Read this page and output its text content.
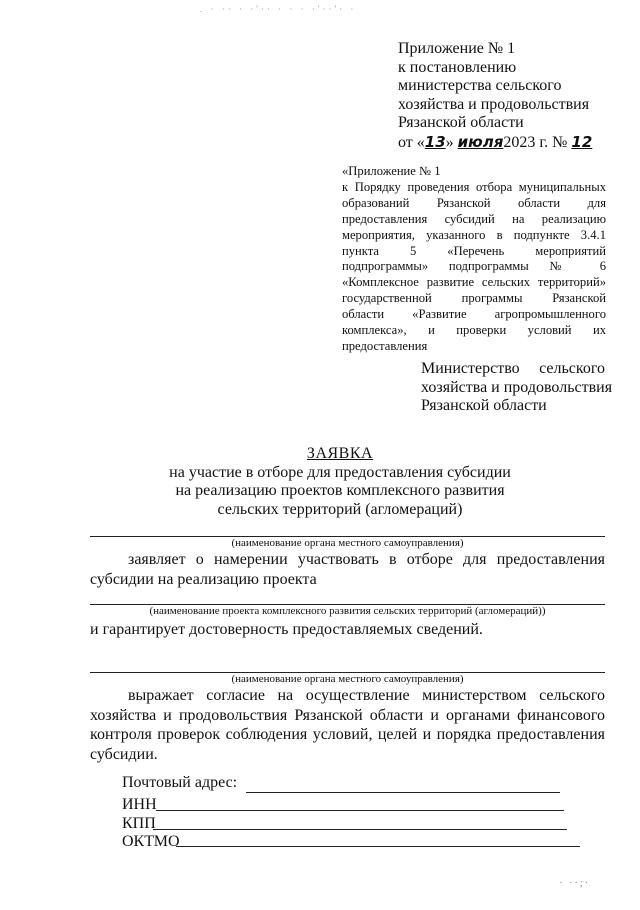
. · ·· · ·'·· · · · ·'··'· ·
Приложение № 1
к постановлению
министерства сельского
хозяйства и продовольствия
Рязанской области
от «13» июля2023 г. № 12
«Приложение № 1
к Порядку проведения отбора муниципальных
образований Рязанской области для
предоставления субсидий на реализацию
мероприятия, указанного в подпункте 3.4.1
пункта 5 «Перечень мероприятий
подпрограммы» подпрограммы № 6
«Комплексное развитие сельских территорий»
государственной программы Рязанской
области «Развитие агропромышленного
комплекса», и проверки условий их
предоставления
Министерство сельского
хозяйства и продовольствия
Рязанской области
ЗАЯВКА
на участие в отборе для предоставления субсидии
на реализацию проектов комплексного развития
сельских территорий (агломераций)
(наименование органа местного самоуправления)
заявляет о намерении участвовать в отборе для предоставления
субсидии на реализацию проекта
(наименование проекта комплексного развития сельских территорий (агломераций))
и гарантирует достоверность предоставляемых сведений.
(наименование органа местного самоуправления)
выражает согласие на осуществление министерством сельского
хозяйства и продовольствия Рязанской области и органами финансового
контроля проверок соблюдения условий, целей и порядка предоставления
субсидии.
Почтовый адрес:
ИНН
КПП
ОКТМО
· ··;·
